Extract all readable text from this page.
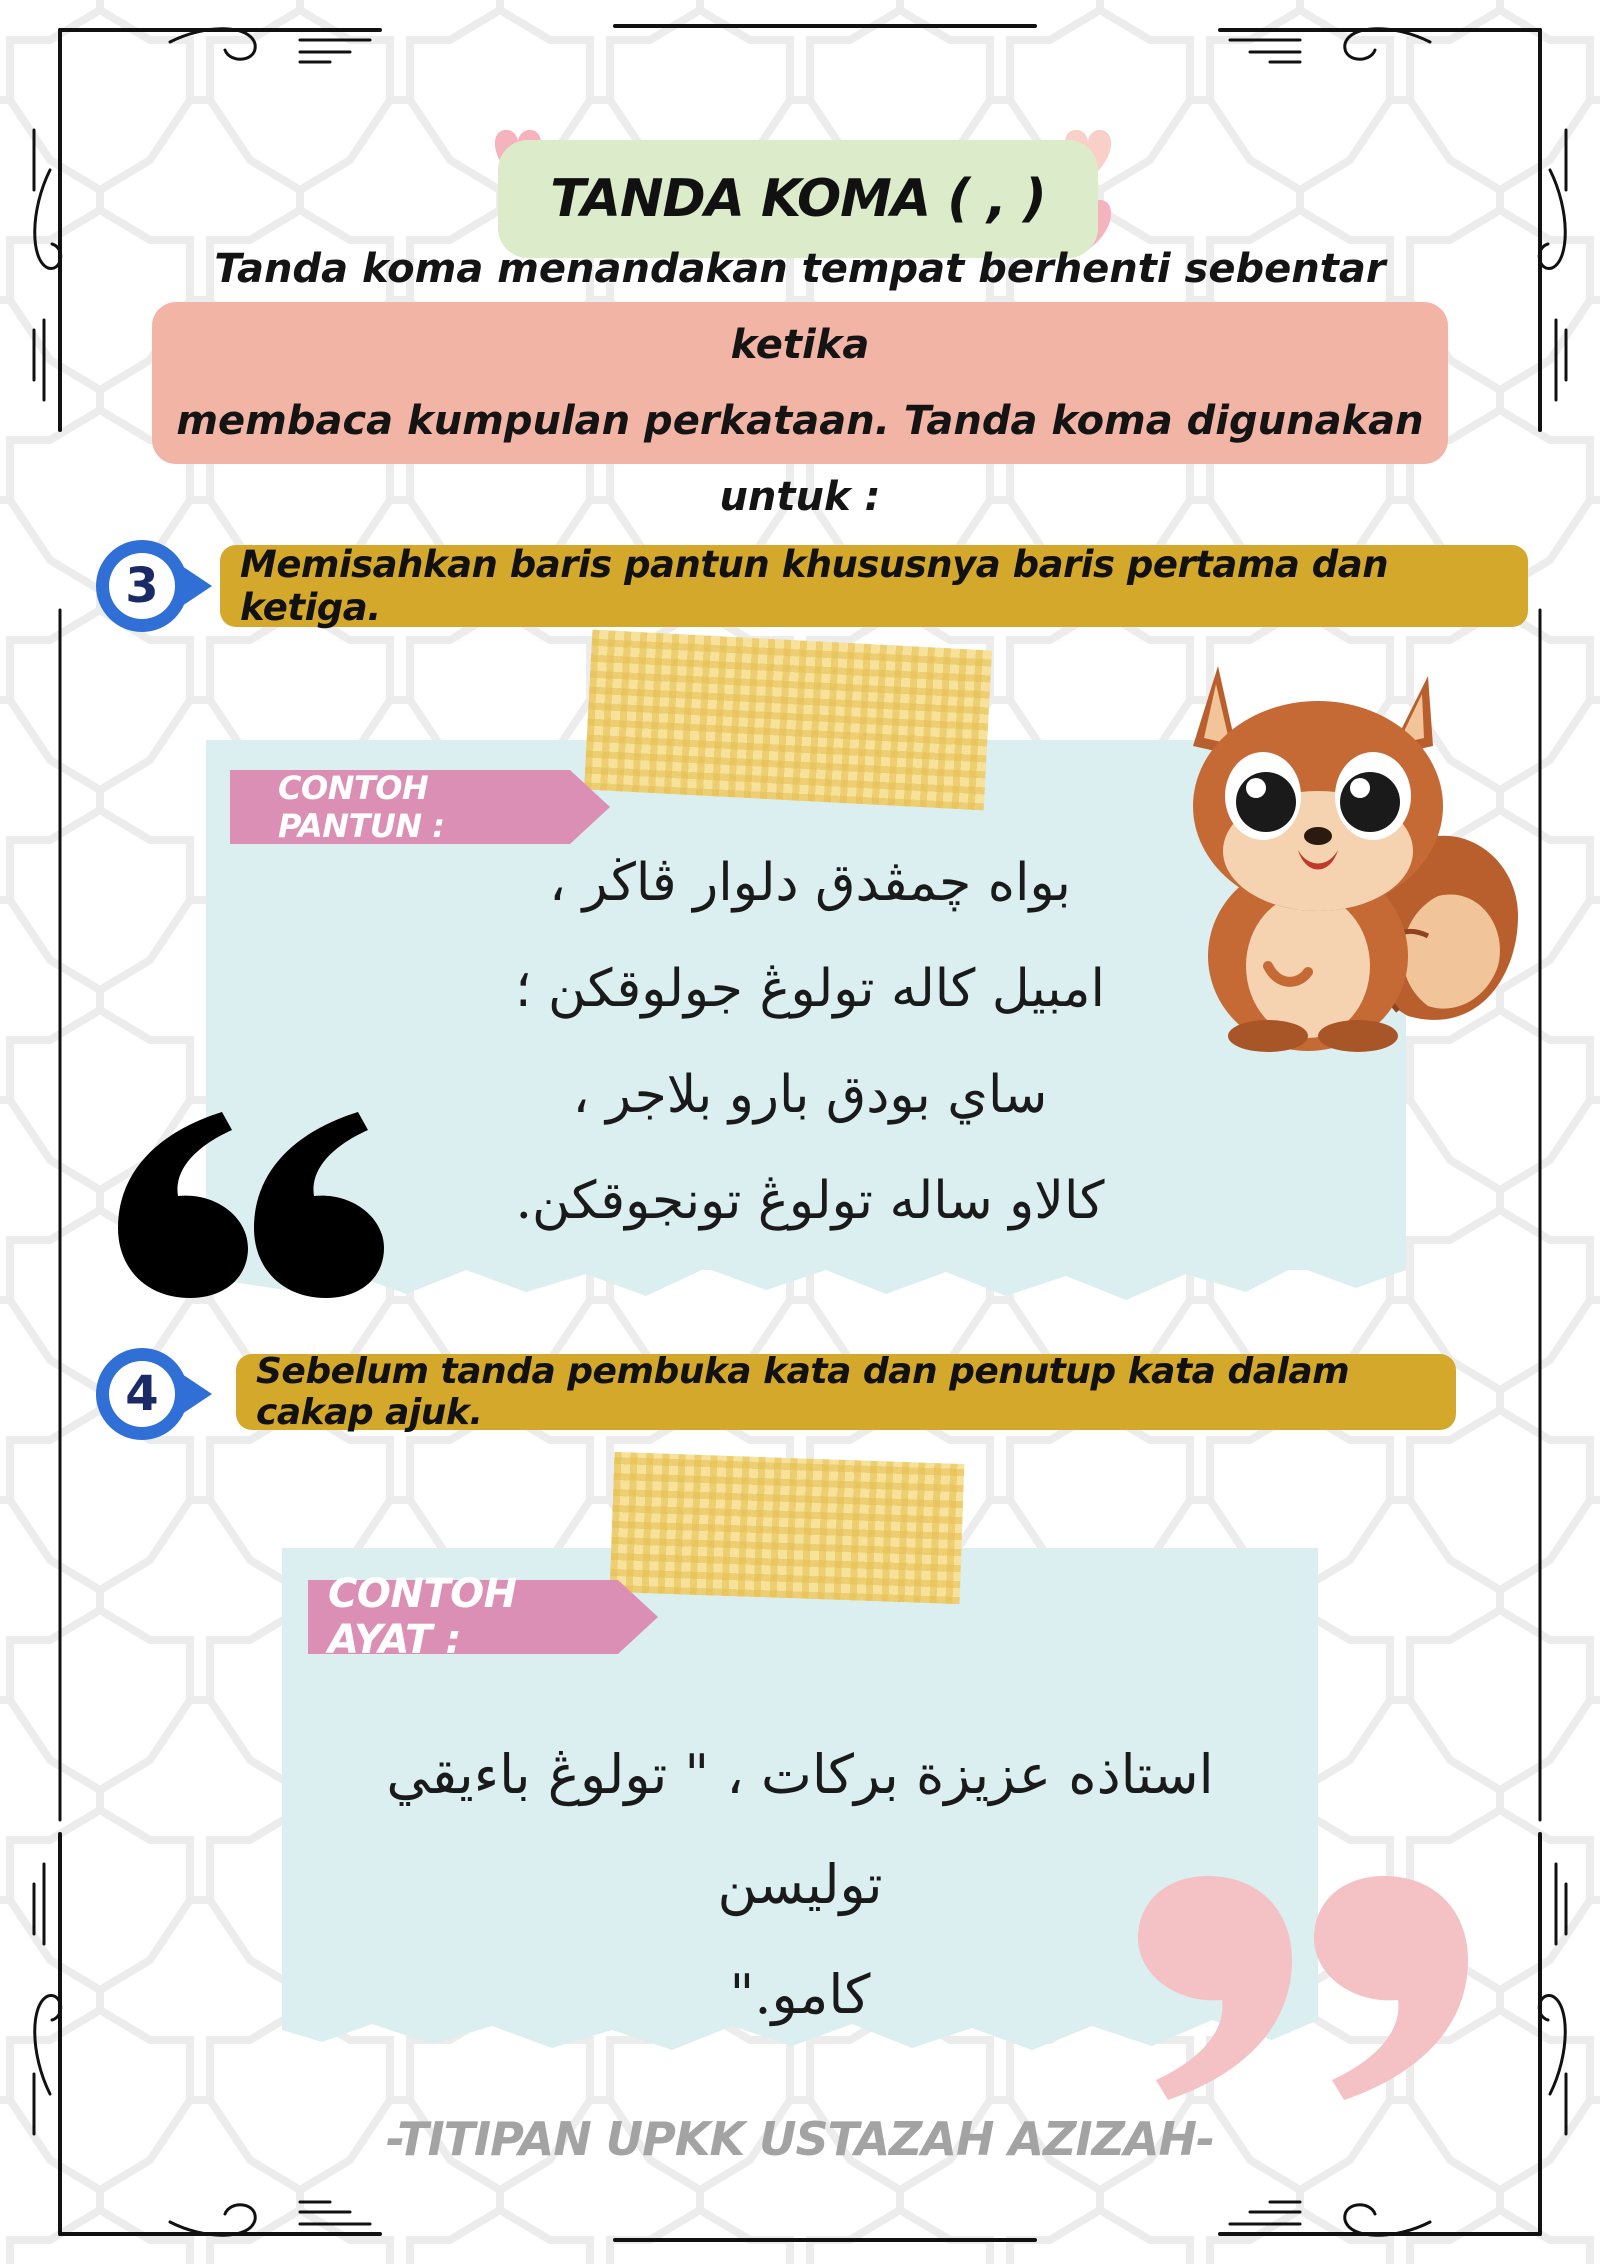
TANDA KOMA ( , )
Tanda koma menandakan tempat berhenti sebentar ketika
membaca kumpulan perkataan. Tanda koma digunakan untuk :
3	Memisahkan baris pantun khususnya baris pertama dan ketiga.
CONTOH PANTUN :
بواه چمڤدق دلوار ڤاڬر ،
امبيل كاله تولوڠ جولوقكن ؛
ساي بودق بارو بلاجر ،
كالاو ساله تولوڠ تونجوقكن.
4	Sebelum tanda pembuka kata dan penutup kata dalam cakap ajuk.
CONTOH AYAT :
استاذه عزيزة بركات ، " تولوڠ باءيقي توليسن
كامو."
-TITIPAN UPKK USTAZAH AZIZAH-
